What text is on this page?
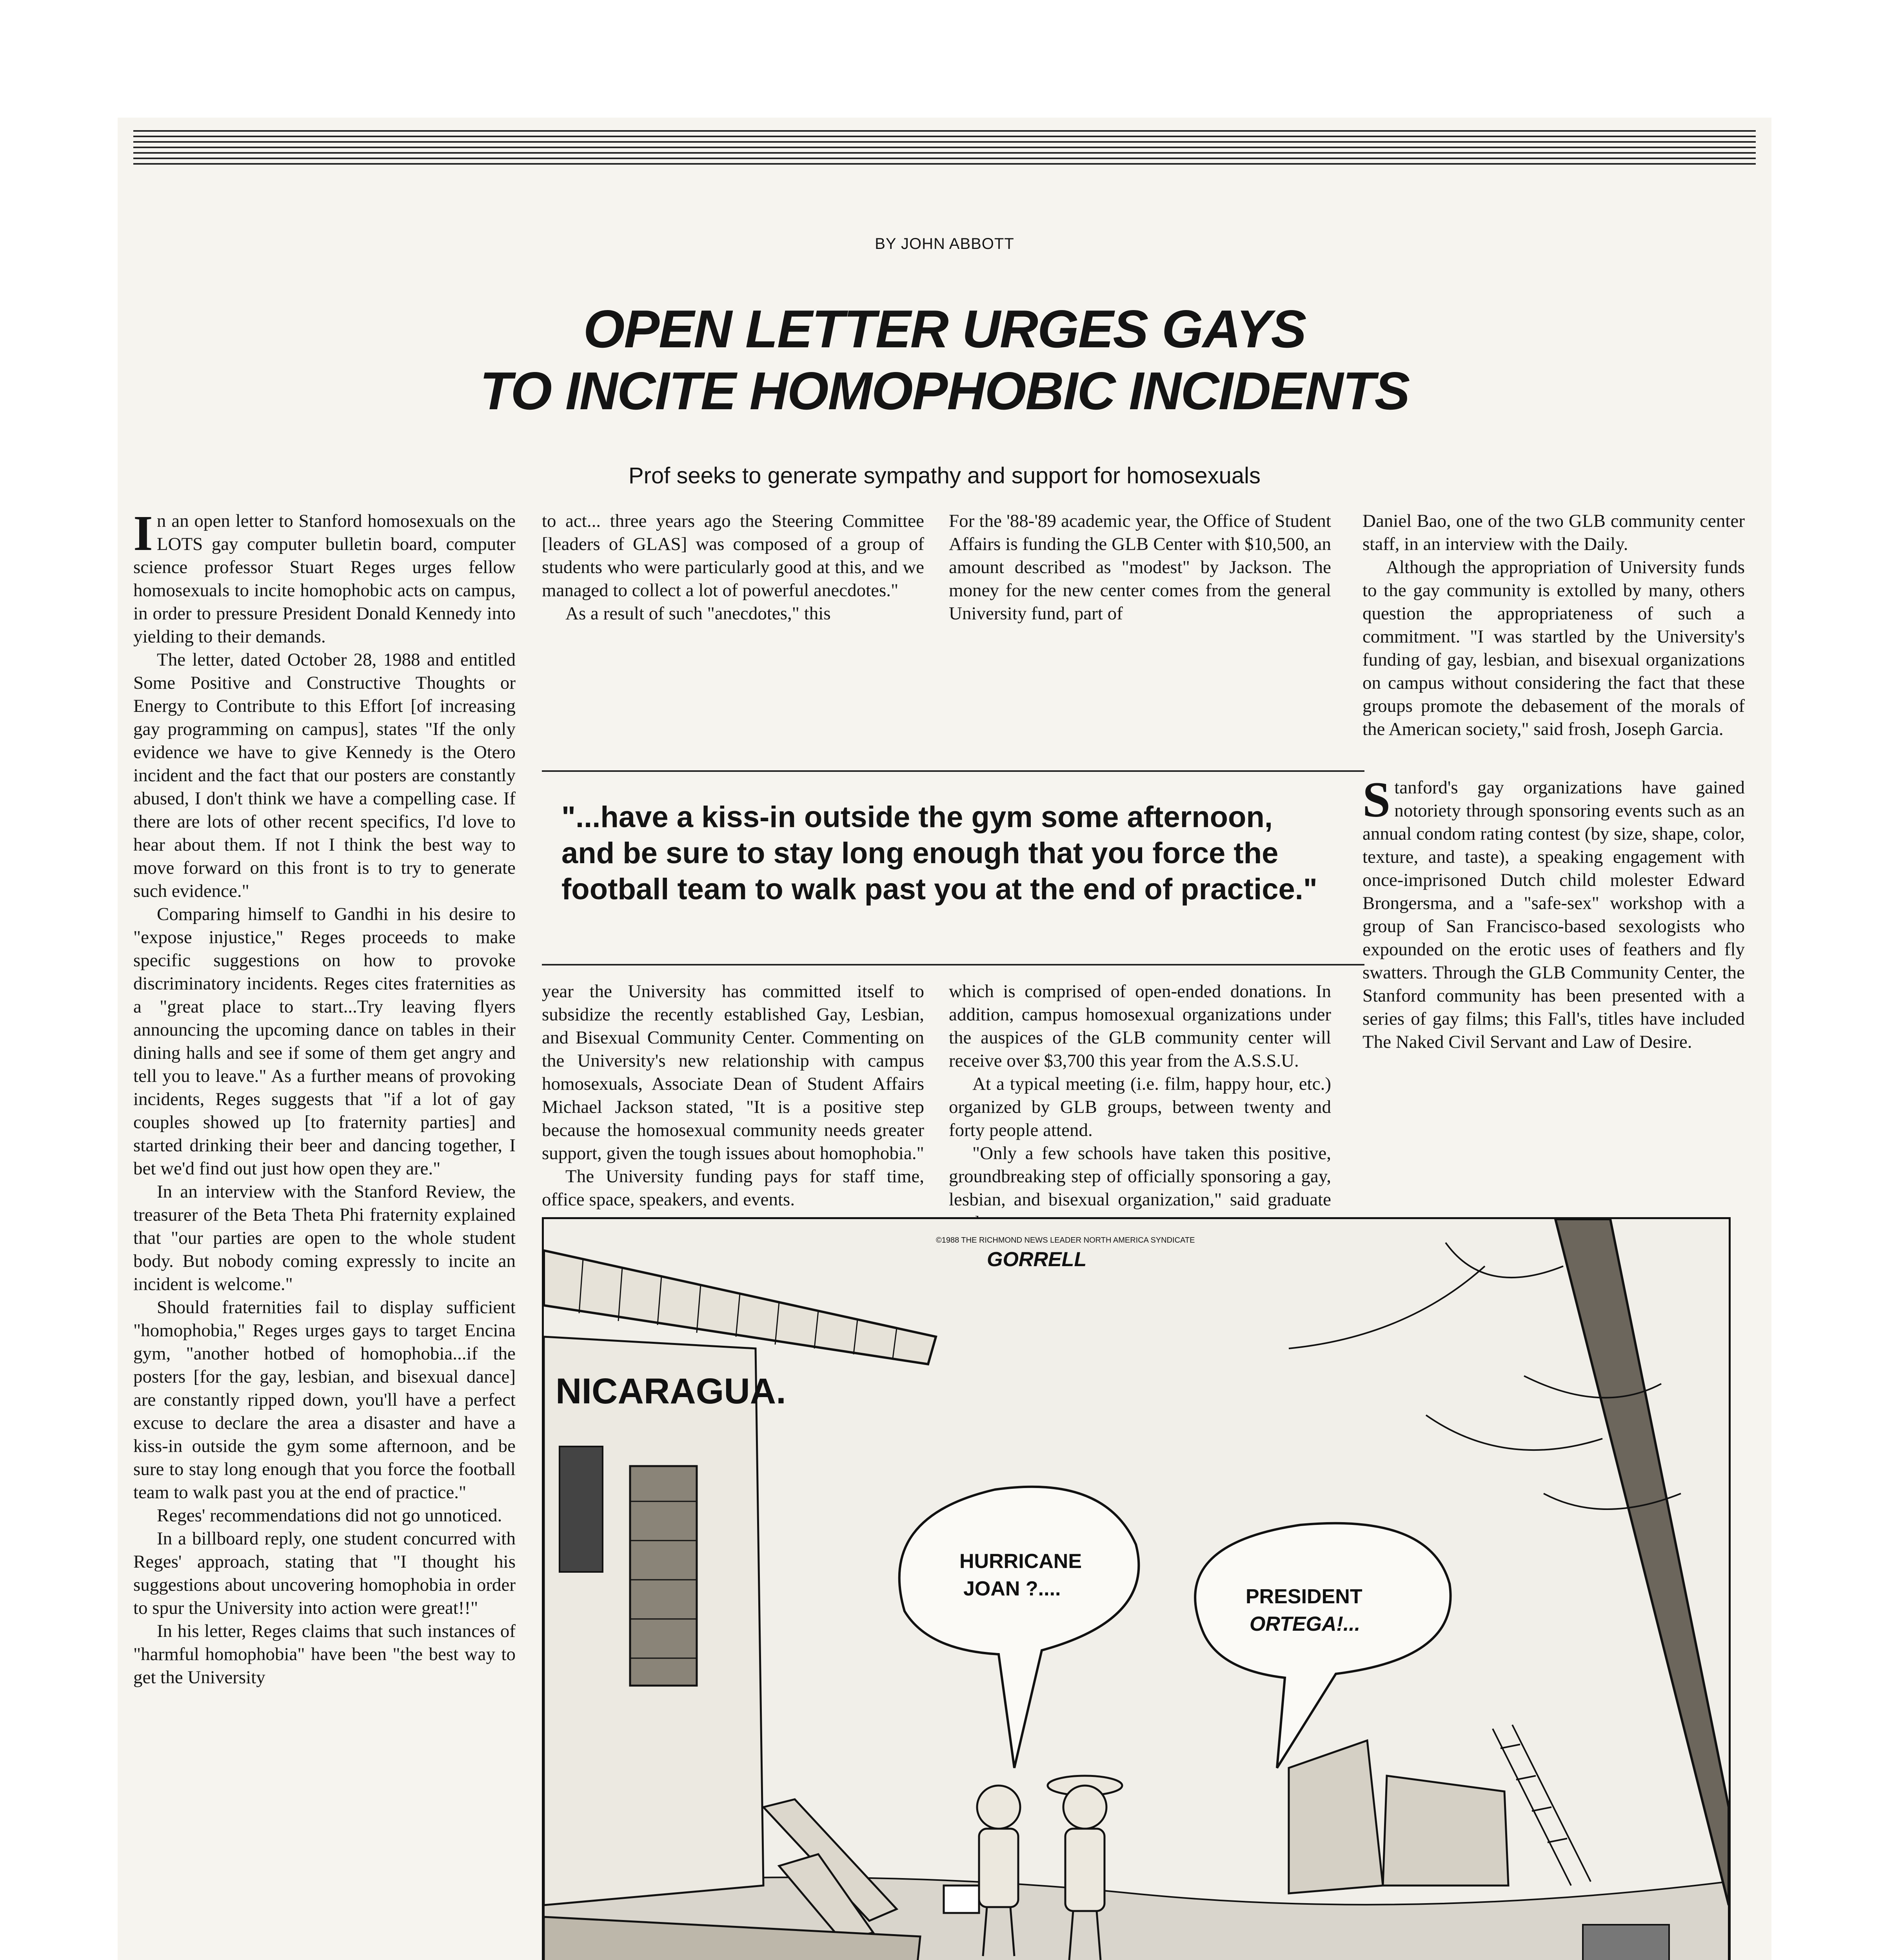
BY JOHN ABBOTT
OPEN LETTER URGES GAYS
TO INCITE HOMOPHOBIC INCIDENTS
Prof seeks to generate sympathy and support for homosexuals

In an open letter to Stanford homosexuals on the LOTS gay computer bulletin board, computer science professor Stuart Reges urges fellow homosexuals to incite homophobic acts on campus, in order to pressure President Donald Kennedy into yielding to their demands.

The letter, dated October 28, 1988 and entitled Some Positive and Constructive Thoughts or Energy to Contribute to this Effort [of increasing gay programming on campus], states "If the only evidence we have to give Kennedy is the Otero incident and the fact that our posters are constantly abused, I don't think we have a compelling case. If there are lots of other recent specifics, I'd love to hear about them. If not I think the best way to move forward on this front is to try to generate such evidence."

Comparing himself to Gandhi in his desire to "expose injustice," Reges proceeds to make specific suggestions on how to provoke discriminatory incidents. Reges cites fraternities as a "great place to start...Try leaving flyers announcing the upcoming dance on tables in their dining halls and see if some of them get angry and tell you to leave." As a further means of provoking incidents, Reges suggests that "if a lot of gay couples showed up [to fraternity parties] and started drinking their beer and dancing together, I bet we'd find out just how open they are."

In an interview with the Stanford Review, the treasurer of the Beta Theta Phi fraternity explained that "our parties are open to the whole student body. But nobody coming expressly to incite an incident is welcome."

Should fraternities fail to display sufficient "homophobia," Reges urges gays to target Encina gym, "another hotbed of homophobia...if the posters [for the gay, lesbian, and bisexual dance] are constantly ripped down, you'll have a perfect excuse to declare the area a disaster and have a kiss-in outside the gym some afternoon, and be sure to stay long enough that you force the football team to walk past you at the end of practice."

Reges' recommendations did not go unnoticed.

In a billboard reply, one student concurred with Reges' approach, stating that "I thought his suggestions about uncovering homophobia in order to spur the University into action were great!!"

In his letter, Reges claims that such instances of "harmful homophobia" have been "the best way to get the University

to act... three years ago the Steering Committee [leaders of GLAS] was composed of a group of students who were particularly good at this, and we managed to collect a lot of powerful anecdotes."

As a result of such "anecdotes," this

For the '88-'89 academic year, the Office of Student Affairs is funding the GLB Center with $10,500, an amount described as "modest" by Jackson. The money for the new center comes from the general University fund, part of

"...have a kiss-in outside the gym some afternoon, and be sure to stay long enough that you force the football team to walk past you at the end of practice."

year the University has committed itself to subsidize the recently established Gay, Lesbian, and Bisexual Community Center. Commenting on the University's new relationship with campus homosexuals, Associate Dean of Student Affairs Michael Jackson stated, "It is a positive step because the homosexual community needs greater support, given the tough issues about homophobia."

The University funding pays for staff time, office space, speakers, and events.

which is comprised of open-ended donations. In addition, campus homosexual organizations under the auspices of the GLB community center will receive over $3,700 this year from the A.S.S.U.

At a typical meeting (i.e. film, happy hour, etc.) organized by GLB groups, between twenty and forty people attend.

"Only a few schools have taken this positive, groundbreaking step of officially sponsoring a gay, lesbian, and bisexual organization," said graduate

Daniel Bao, one of the two GLB community center staff, in an interview with the Daily.

Although the appropriation of University funds to the gay community is extolled by many, others question the appropriateness of such a commitment. "I was startled by the University's funding of gay, lesbian, and bisexual organizations on campus without considering the fact that these groups promote the debasement of the morals of the American society," said frosh, Joseph Garcia.

Stanford's gay organizations have gained notoriety through sponsoring events such as an annual condom rating contest (by size, shape, color, texture, and taste), a speaking engagement with once-imprisoned Dutch child molester Edward Brongersma, and a "safe-sex" workshop with a group of San Francisco-based sexologists who expounded on the erotic uses of feathers and fly swatters. Through the GLB Community Center, the Stanford community has been presented with a series of gay films; this Fall's, titles have included The Naked Civil Servant and Law of Desire.

NICARAGUA.
HURRICANE
JOAN ?....	PRESIDENT
ORTEGA!...
©1988 THE RICHMOND NEWS LEADER NORTH AMERICA SYNDICATE
GORRELL
